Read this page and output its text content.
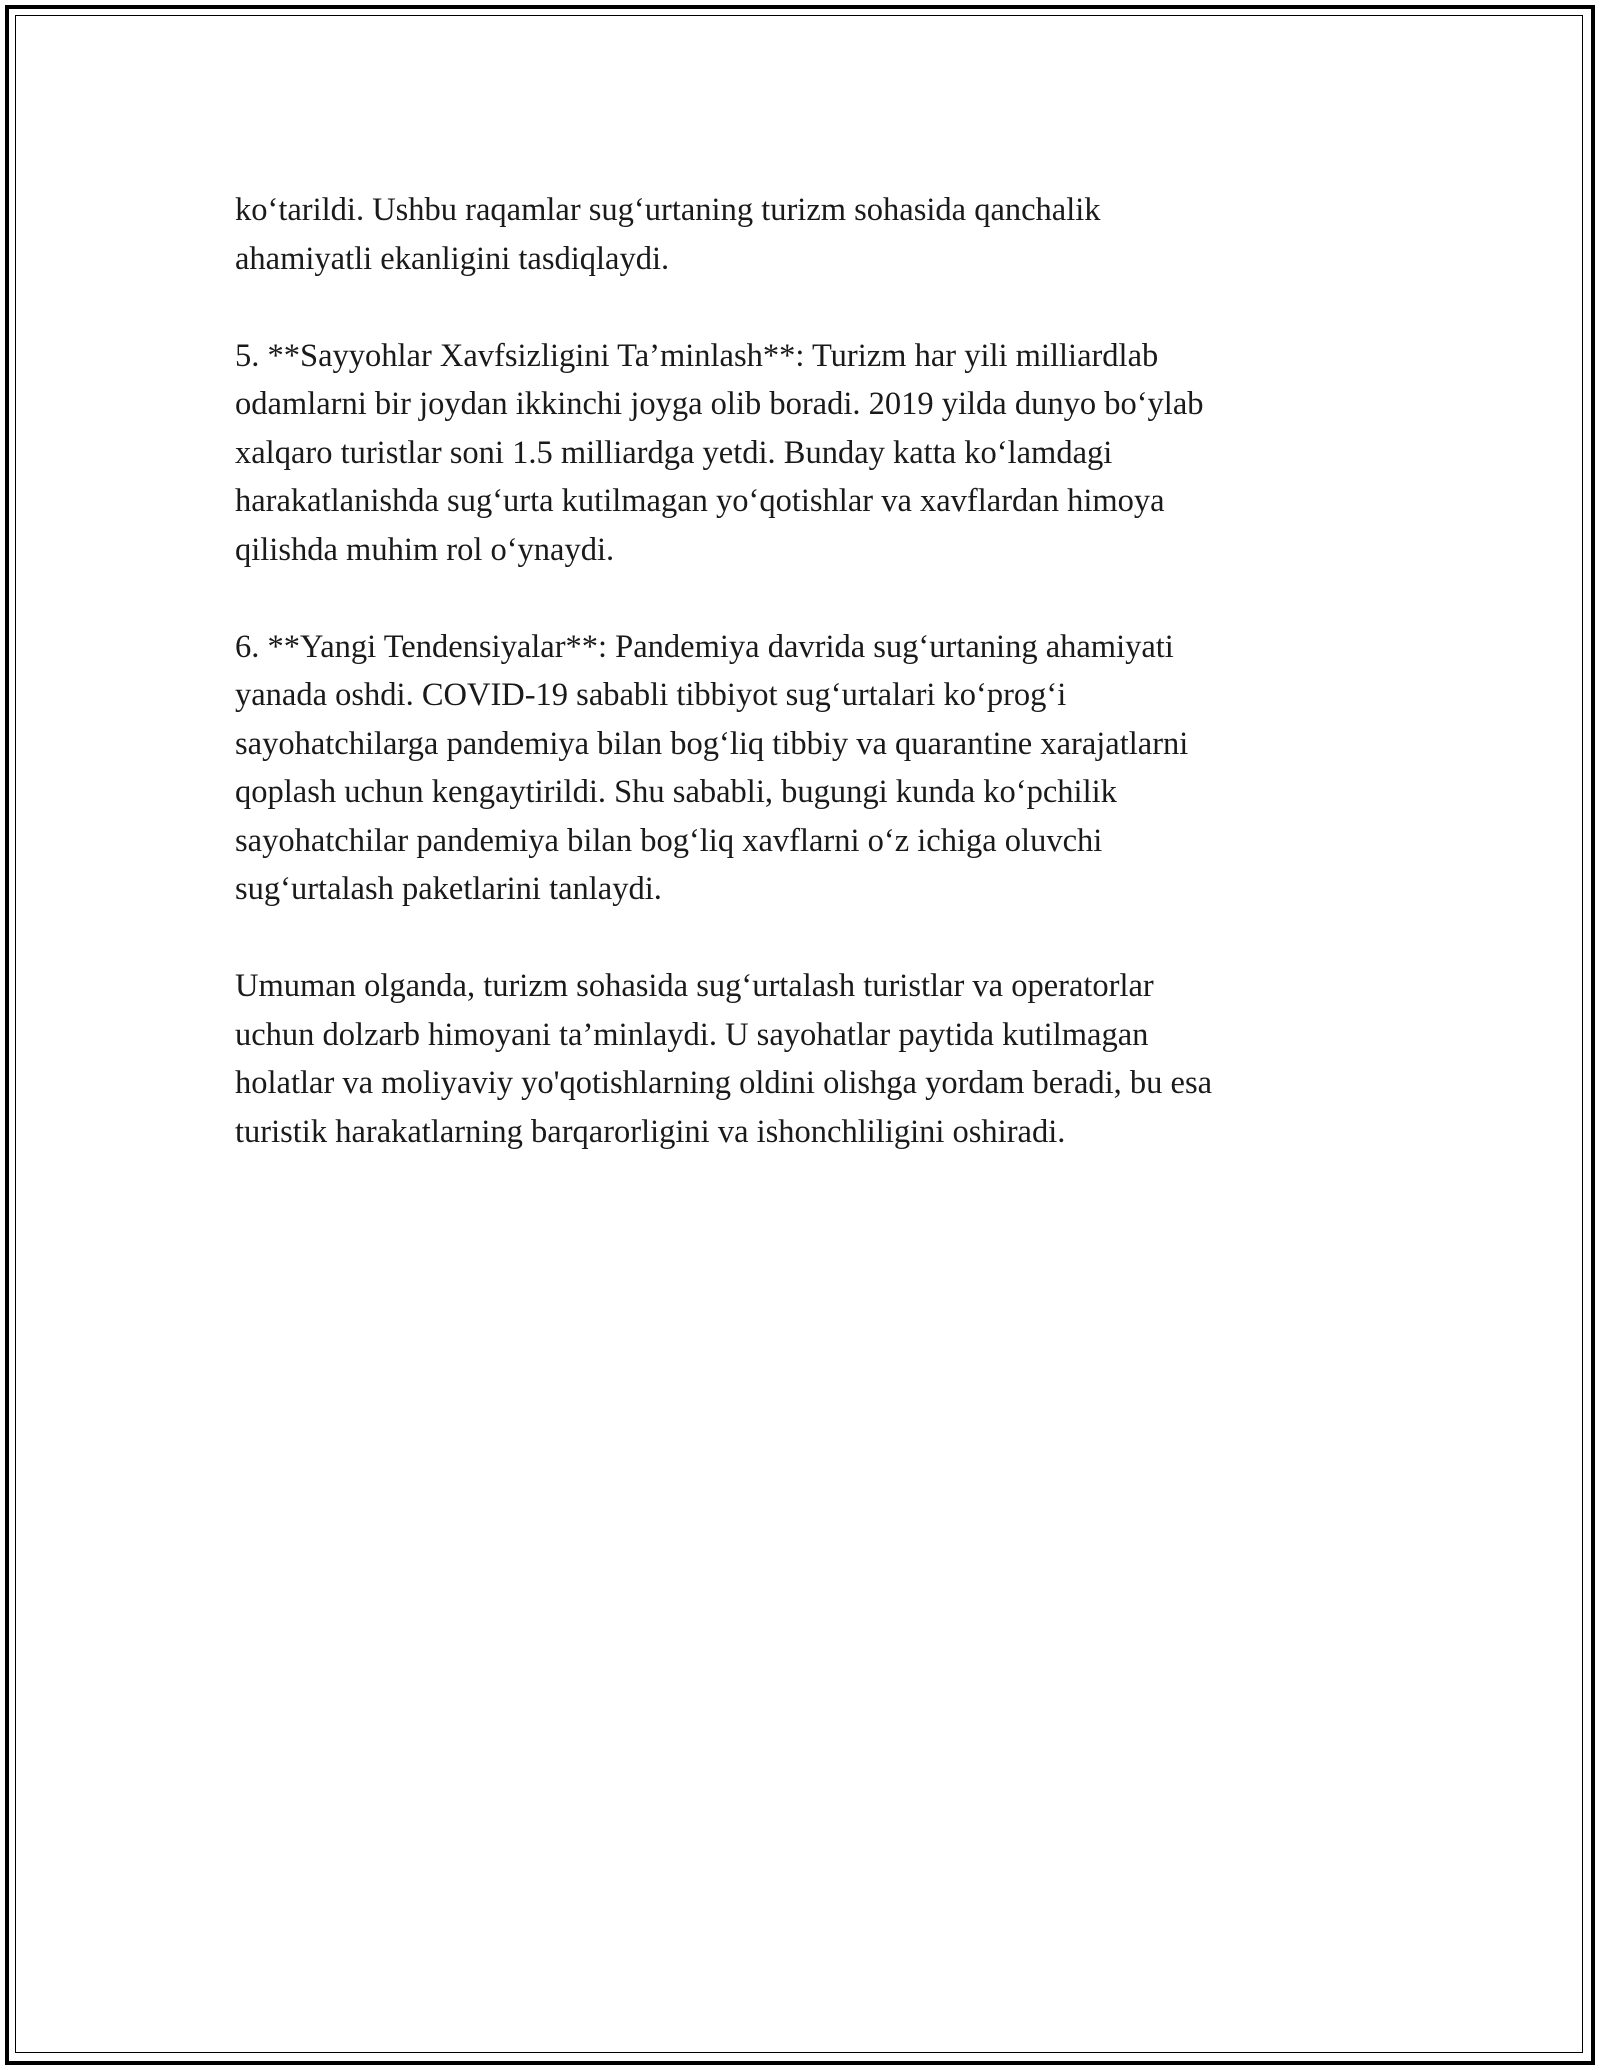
ko‘tarildi. Ushbu raqamlar sug‘urtaning turizm sohasida qanchalik
ahamiyatli ekanligini tasdiqlaydi.

5. **Sayyohlar Xavfsizligini Ta’minlash**: Turizm har yili milliardlab
odamlarni bir joydan ikkinchi joyga olib boradi. 2019 yilda dunyo bo‘ylab
xalqaro turistlar soni 1.5 milliardga yetdi. Bunday katta ko‘lamdagi
harakatlanishda sug‘urta kutilmagan yo‘qotishlar va xavflardan himoya
qilishda muhim rol o‘ynaydi.

6. **Yangi Tendensiyalar**: Pandemiya davrida sug‘urtaning ahamiyati
yanada oshdi. COVID-19 sababli tibbiyot sug‘urtalari ko‘prog‘i
sayohatchilarga pandemiya bilan bog‘liq tibbiy va quarantine xarajatlarni
qoplash uchun kengaytirildi. Shu sababli, bugungi kunda ko‘pchilik
sayohatchilar pandemiya bilan bog‘liq xavflarni o‘z ichiga oluvchi
sug‘urtalash paketlarini tanlaydi.

Umuman olganda, turizm sohasida sug‘urtalash turistlar va operatorlar
uchun dolzarb himoyani ta’minlaydi. U sayohatlar paytida kutilmagan
holatlar va moliyaviy yo'qotishlarning oldini olishga yordam beradi, bu esa
turistik harakatlarning barqarorligini va ishonchliligini oshiradi.
